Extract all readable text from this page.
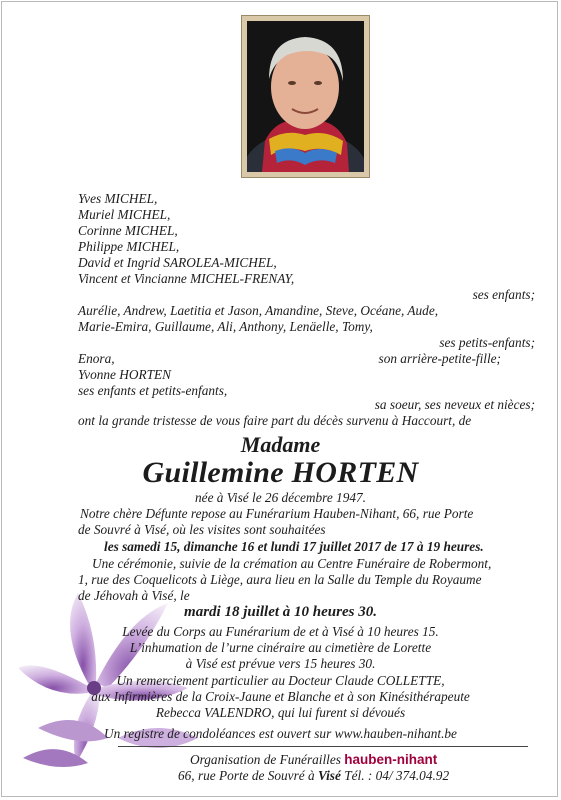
Yves MICHEL,
Muriel MICHEL,
Corinne MICHEL,
Philippe MICHEL,
David et Ingrid SAROLEA-MICHEL,
Vincent et Vincianne MICHEL-FRENAY,
ses enfants;
Aurélie, Andrew, Laetitia et Jason, Amandine, Steve, Océane, Aude,
Marie-Emira, Guillaume, Ali, Anthony, Lenäelle, Tomy,
ses petits-enfants;
Enora,	son arrière-petite-fille;
Yvonne HORTEN
ses enfants et petits-enfants,
sa soeur, ses neveux et nièces;
ont la grande tristesse de vous faire part du décès survenu à Haccourt, de
Madame
Guillemine HORTEN
née à Visé le 26 décembre 1947.
Notre chère Défunte repose au Funérarium Hauben-Nihant, 66, rue Porte
de Souvré à Visé, où les visites sont souhaitées
les samedi 15, dimanche 16 et lundi 17 juillet 2017 de 17 à 19 heures.
Une cérémonie, suivie de la crémation au Centre Funéraire de Robermont,
1, rue des Coquelicots à Liège, aura lieu en la Salle du Temple du Royaume
de Jéhovah à Visé, le
mardi 18 juillet à 10 heures 30.
Levée du Corps au Funérarium de et à Visé à 10 heures 15.
L’inhumation de l’urne cinéraire au cimetière de Lorette
à Visé est prévue vers 15 heures 30.
Un remerciement particulier au Docteur Claude COLLETTE,
aux Infirmières de la Croix-Jaune et Blanche et à son Kinésithérapeute
Rebecca VALENDRO, qui lui furent si dévoués
Un registre de condoléances est ouvert sur www.hauben-nihant.be
Organisation de Funérailles hauben-nihant
66, rue Porte de Souvré à Visé Tél. : 04/ 374.04.92
